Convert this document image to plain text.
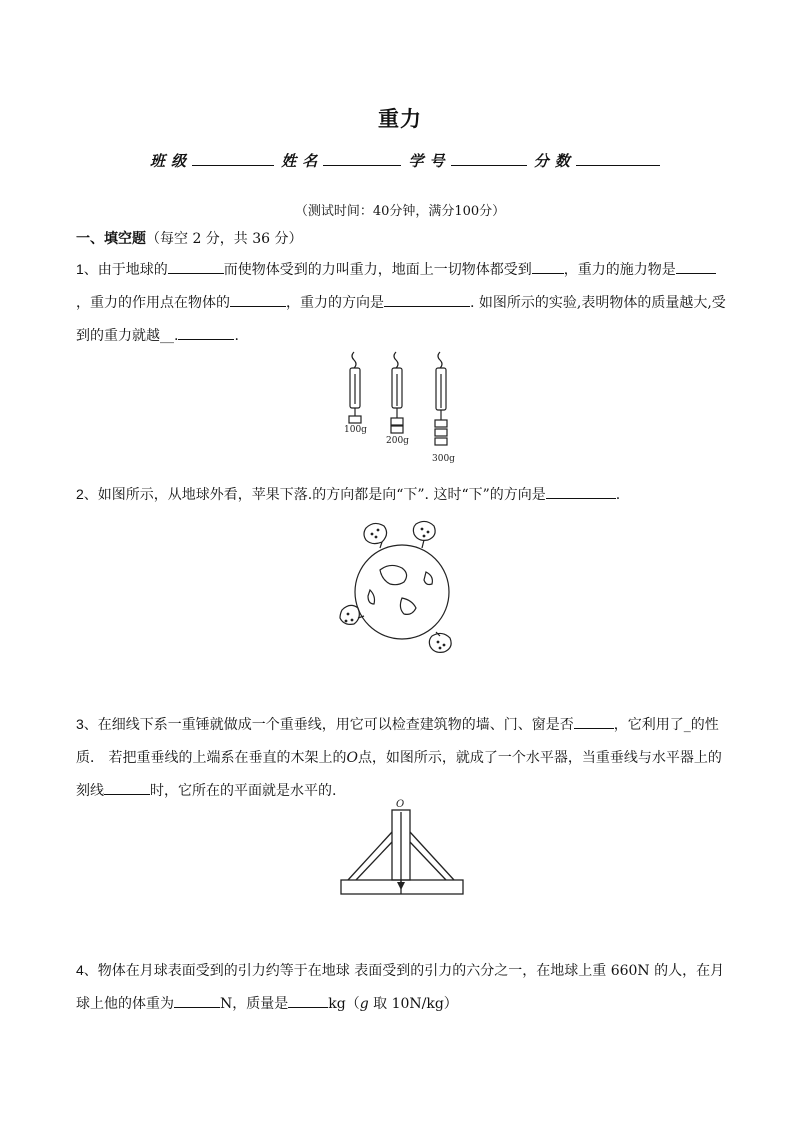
重力
班级	姓名	学号	分数
（测试时间：40分钟，满分100分）
一、填空题（每空 2 分，共 36 分）
1、由于地球的	而使物体受到的力叫重力，地面上一切物体都受到 ，重力的施力物是，重力的作用点在物体的	，重力的方向是	. 如图所示的实验,表明物体的质量越大,受到的重力就越__.	.
100g
200g
300g
2、如图所示，从地球外看，苹果下落.的方向都是向“下”. 这时“下”的方向是	.
3、在细线下系一重锤就做成一个重垂线，用它可以检查建筑物的墙、门、窗是否	，它利用了_的性质． 若把重垂线的上端系在垂直的木架上的O点，如图所示，就成了一个水平器，当重垂线与水平器上的刻线	时，它所在的平面就是水平的.
O
4、物体在月球表面受到的引力约等于在地球 表面受到的引力的六分之一，在地球上重 660N 的人，在月球上他的体重为	N，质量是	kg（g 取 10N/kg）
